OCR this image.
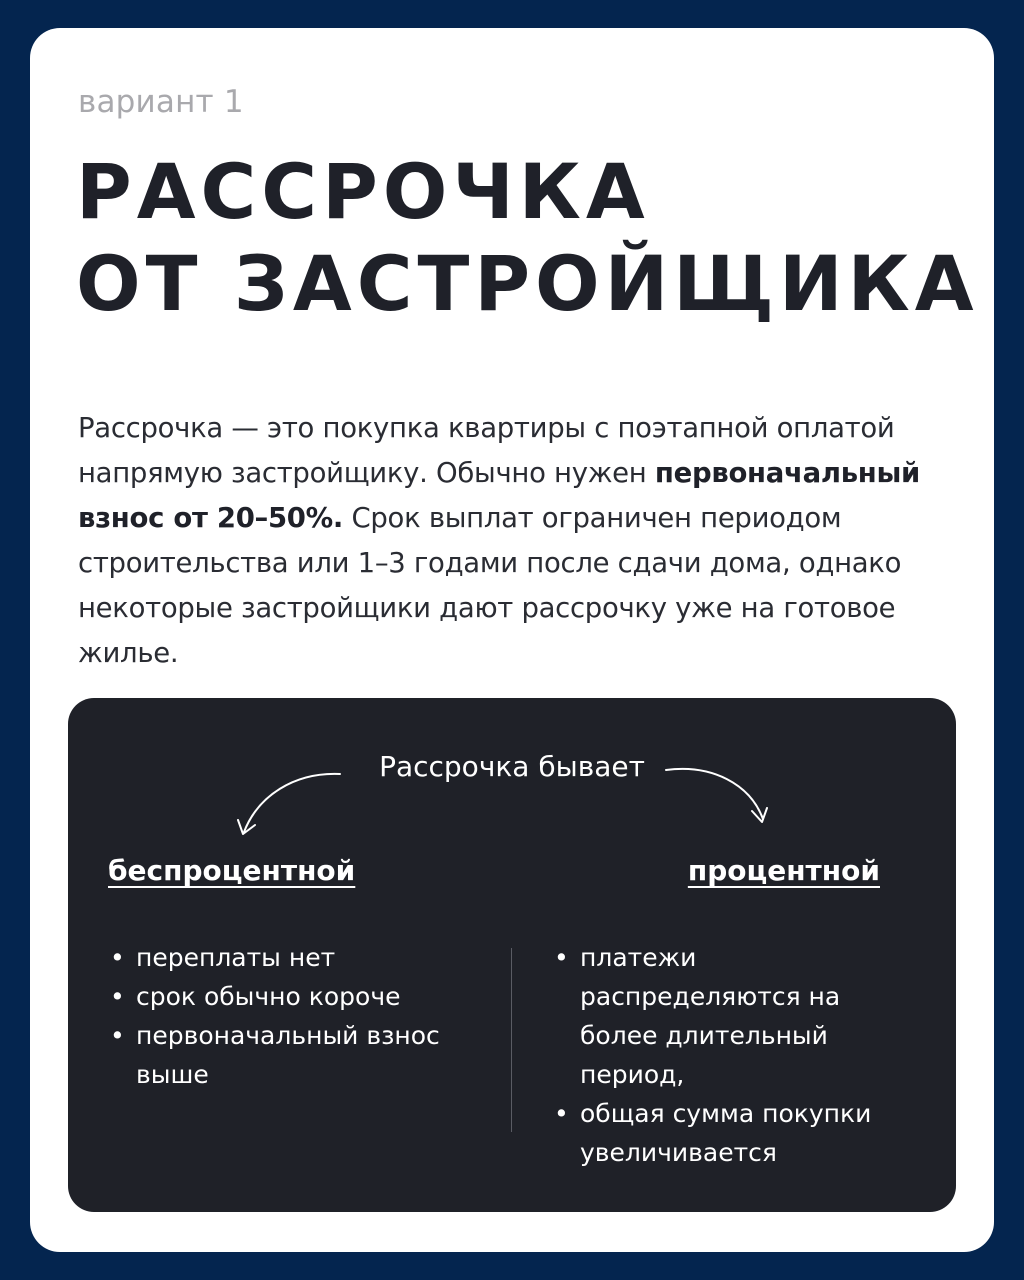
вариант 1
РАССРОЧКА
ОТ ЗАСТРОЙЩИКА

Рассрочка — это покупка квартиры с поэтапной оплатой напрямую застройщику. Обычно нужен первоначальный взнос от 20–50%. Срок выплат ограничен периодом строительства или 1–3 годами после сдачи дома, однако некоторые застройщики дают рассрочку уже на готовое жилье.

Рассрочка бывает
беспроцентной	процентной
• переплаты нет
• срок обычно короче
• первоначальный взнос выше
• платежи распределяются на более длительный период,
• общая сумма покупки увеличивается
